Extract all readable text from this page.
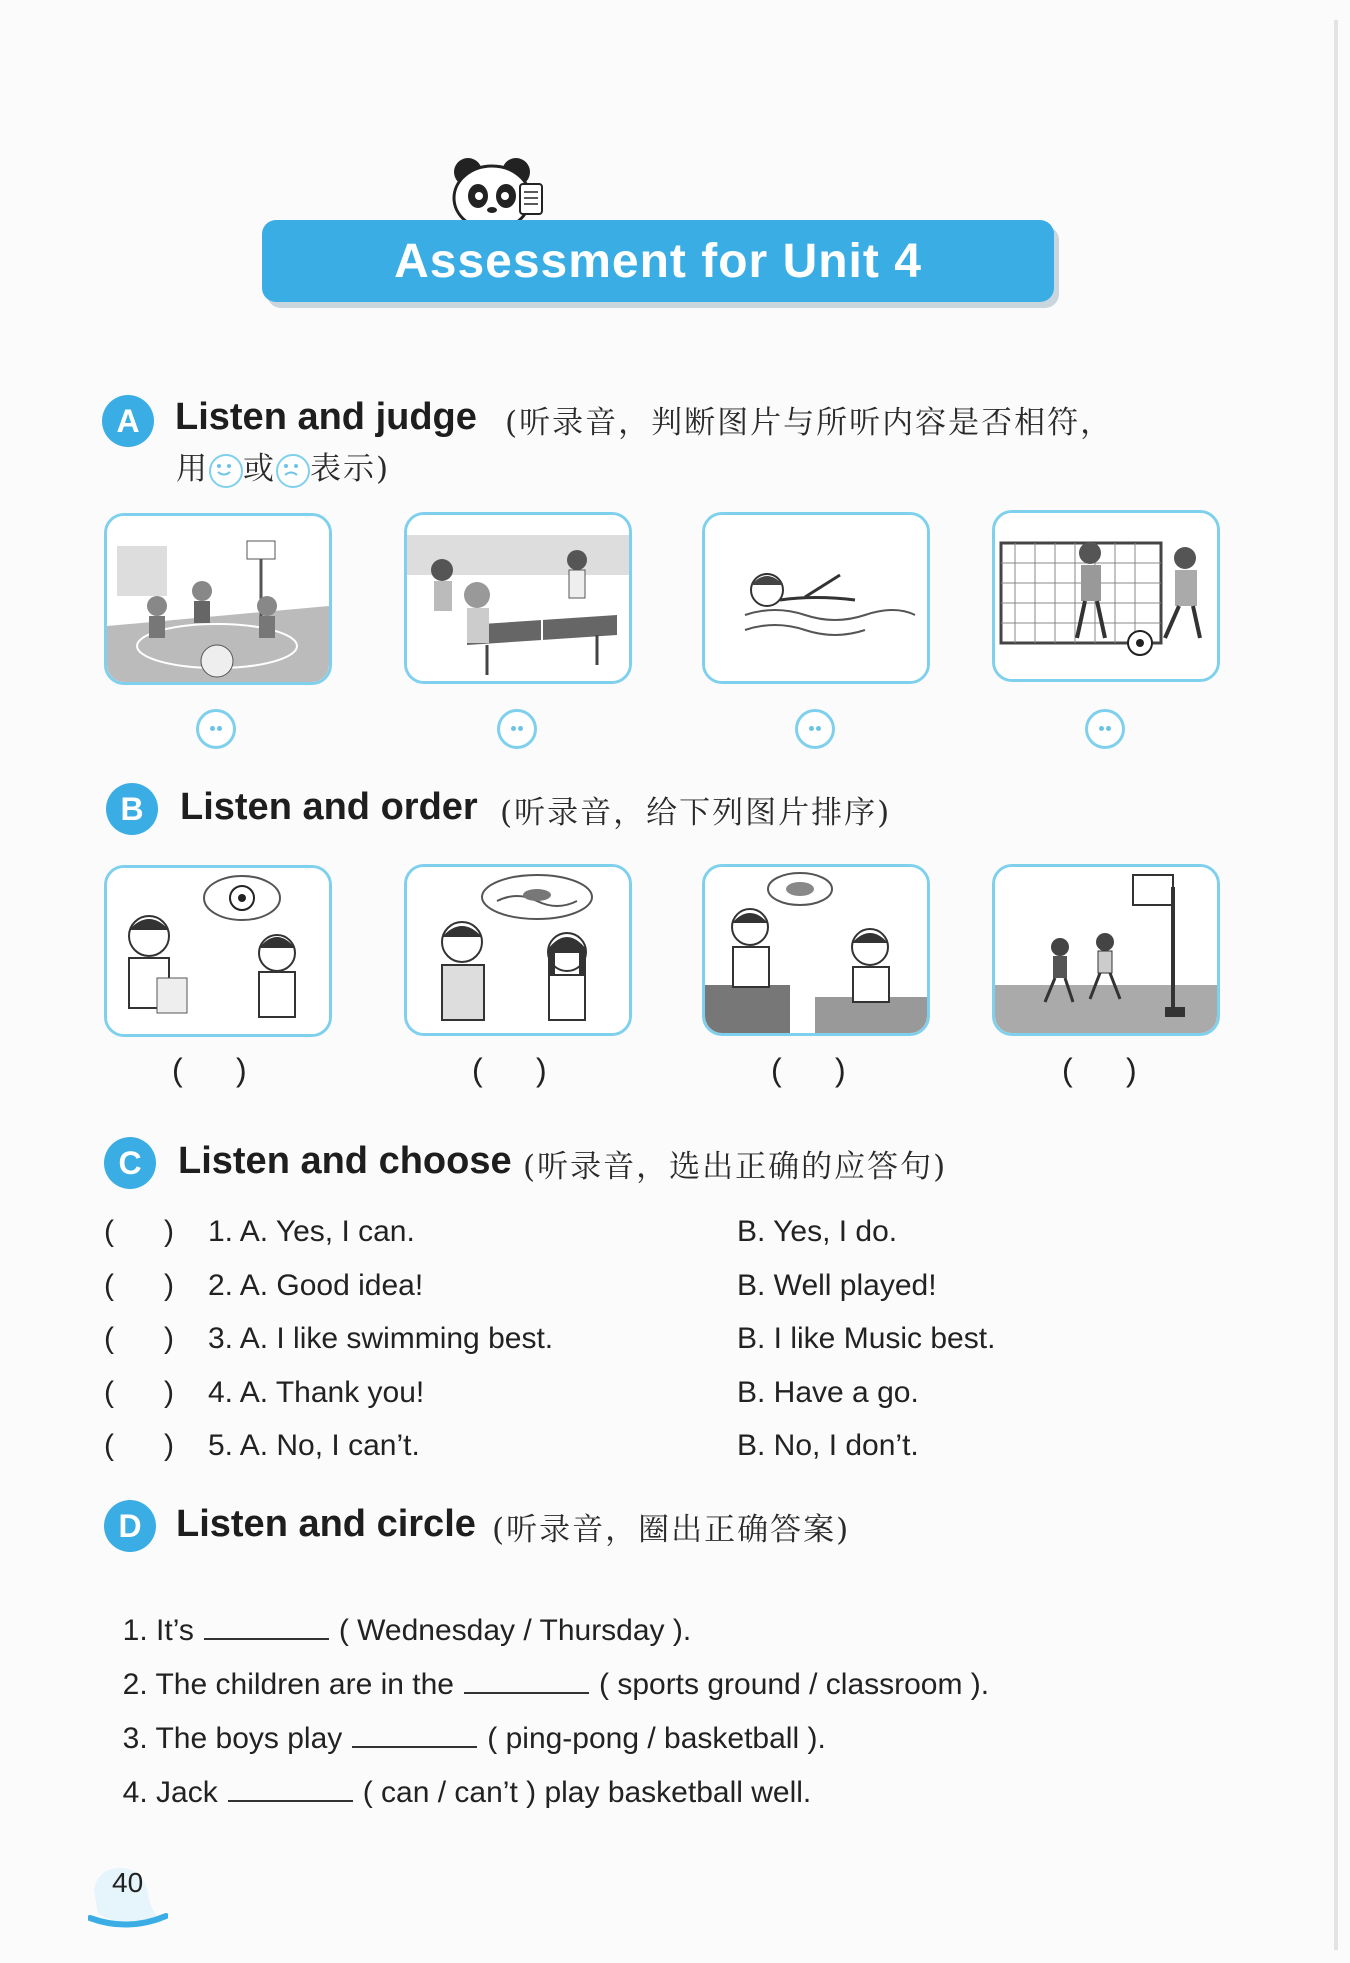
Assessment for Unit 4
A Listen and judge (听录音，判断图片与所听内容是否相符，
用 或 表示)
B Listen and order (听录音，给下列图片排序)
(      )	(      )	(      )	(      )
C Listen and choose (听录音，选出正确的应答句)
(      ) 1. A. Yes, I can.	B. Yes, I do.
(      ) 2. A. Good idea!	B. Well played!
(      ) 3. A. I like swimming best.	B. I like Music best.
(      ) 4. A. Thank you!	B. Have a go.
(      ) 5. A. No, I can’t.	B. No, I don’t.
D Listen and circle (听录音，圈出正确答案)

1. It’s	( Wednesday / Thursday ).

2. The children are in the	( sports ground / classroom ).

3. The boys play	( ping-pong / basketball ).

4. Jack	( can / can’t ) play basketball well.

40
